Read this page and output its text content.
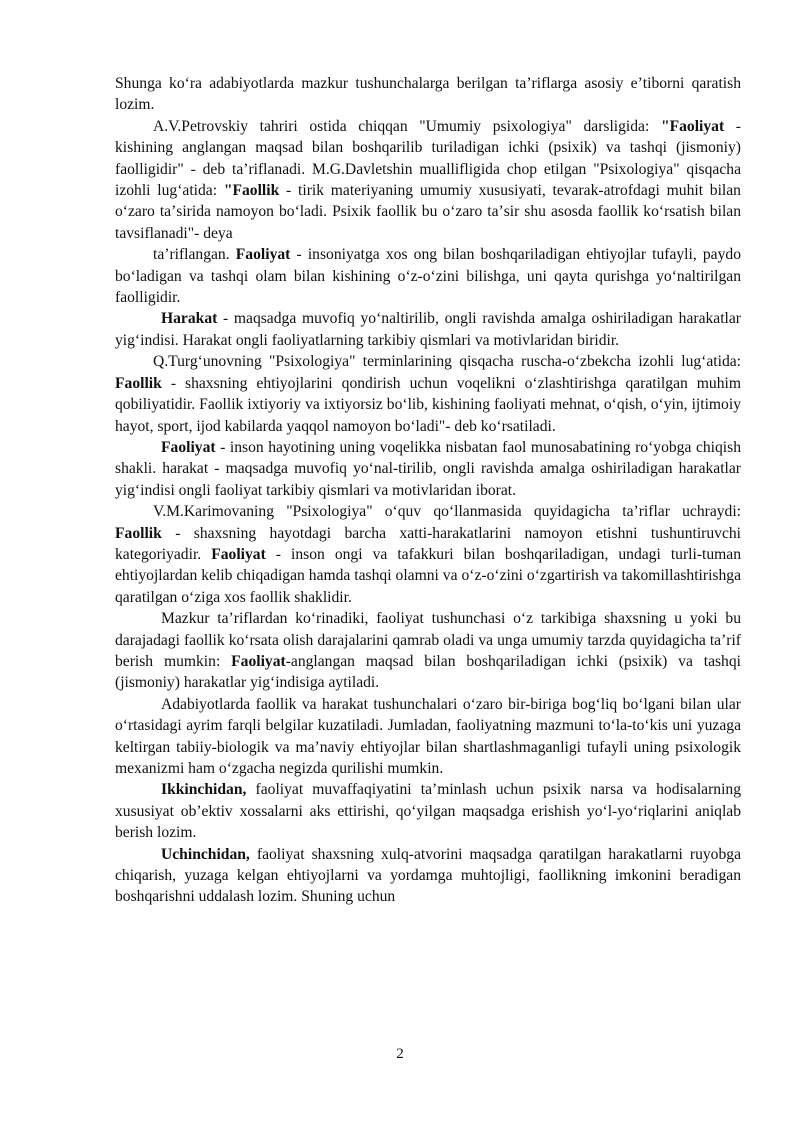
Shunga koʻra adabiyotlarda mazkur tushunchalarga berilgan taʼriflarga asosiy eʼtiborni qaratish lozim.

A.V.Petrovskiy tahriri ostida chiqqan "Umumiy psixologiya" darsligida: "Faoliyat - kishining anglangan maqsad bilan boshqarilib turiladigan ichki (psixik) va tashqi (jismoniy) faolligidir" - deb taʼriflanadi. M.G.Davletshin muallifligida chop etilgan "Psixologiya" qisqacha izohli lugʻatida: "Faollik - tirik materiyaning umumiy xususiyati, tevarak-atrofdagi muhit bilan oʻzaro taʼsirida namoyon boʻladi. Psixik faollik bu oʻzaro taʼsir shu asosda faollik koʻrsatish bilan tavsiflanadi"- deya

taʼriflangan. Faoliyat - insoniyatga xos ong bilan boshqariladigan ehtiyojlar tufayli, paydo boʻladigan va tashqi olam bilan kishining oʻz-oʻzini bilishga, uni qayta qurishga yoʻnaltirilgan faolligidir.

Harakat - maqsadga muvofiq yoʻnaltirilib, ongli ravishda amalga oshiriladigan harakatlar yigʻindisi. Harakat ongli faoliyatlarning tarkibiy qismlari va motivlaridan biridir.

Q.Turgʻunovning "Psixologiya" terminlarining qisqacha ruscha-oʻzbekcha izohli lugʻatida: Faollik - shaxsning ehtiyojlarini qondirish uchun voqelikni oʻzlashtirishga qaratilgan muhim qobiliyatidir. Faollik ixtiyoriy va ixtiyorsiz boʻlib, kishining faoliyati mehnat, oʻqish, oʻyin, ijtimoiy hayot, sport, ijod kabilarda yaqqol namoyon boʻladi"- deb koʻrsatiladi.

Faoliyat - inson hayotining uning voqelikka nisbatan faol munosabatining roʻyobga chiqish shakli. harakat - maqsadga muvofiq yoʻnal-tirilib, ongli ravishda amalga oshiriladigan harakatlar yigʻindisi ongli faoliyat tarkibiy qismlari va motivlaridan iborat.

V.M.Karimovaning "Psixologiya" oʻquv qoʻllanmasida quyidagicha taʼriflar uchraydi: Faollik - shaxsning hayotdagi barcha xatti-harakatlarini namoyon etishni tushuntiruvchi kategoriyadir. Faoliyat - inson ongi va tafakkuri bilan boshqariladigan, undagi turli-tuman ehtiyojlardan kelib chiqadigan hamda tashqi olamni va oʻz-oʻzini oʻzgartirish va takomillashtirishga qaratilgan oʻziga xos faollik shaklidir.

Mazkur taʼriflardan koʻrinadiki, faoliyat tushunchasi oʻz tarkibiga shaxsning u yoki bu darajadagi faollik koʻrsata olish darajalarini qamrab oladi va unga umumiy tarzda quyidagicha taʼrif berish mumkin: Faoliyat-anglangan maqsad bilan boshqariladigan ichki (psixik) va tashqi (jismoniy) harakatlar yigʻindisiga aytiladi.

Adabiyotlarda faollik va harakat tushunchalari oʻzaro bir-biriga bogʻliq boʻlgani bilan ular oʻrtasidagi ayrim farqli belgilar kuzatiladi. Jumladan, faoliyatning mazmuni toʻla-toʻkis uni yuzaga keltirgan tabiiy-biologik va maʼnaviy ehtiyojlar bilan shartlashmaganligi tufayli uning psixologik mexanizmi ham oʻzgacha negizda qurilishi mumkin.

Ikkinchidan, faoliyat muvaffaqiyatini taʼminlash uchun psixik narsa va hodisalarning xususiyat obʼektiv xossalarni aks ettirishi, qoʻyilgan maqsadga erishish yoʻl-yoʻriqlarini aniqlab berish lozim.

Uchinchidan, faoliyat shaxsning xulq-atvorini maqsadga qaratilgan harakatlarni ruyobga chiqarish, yuzaga kelgan ehtiyojlarni va yordamga muhtojligi, faollikning imkonini beradigan boshqarishni uddalash lozim. Shuning uchun

2
